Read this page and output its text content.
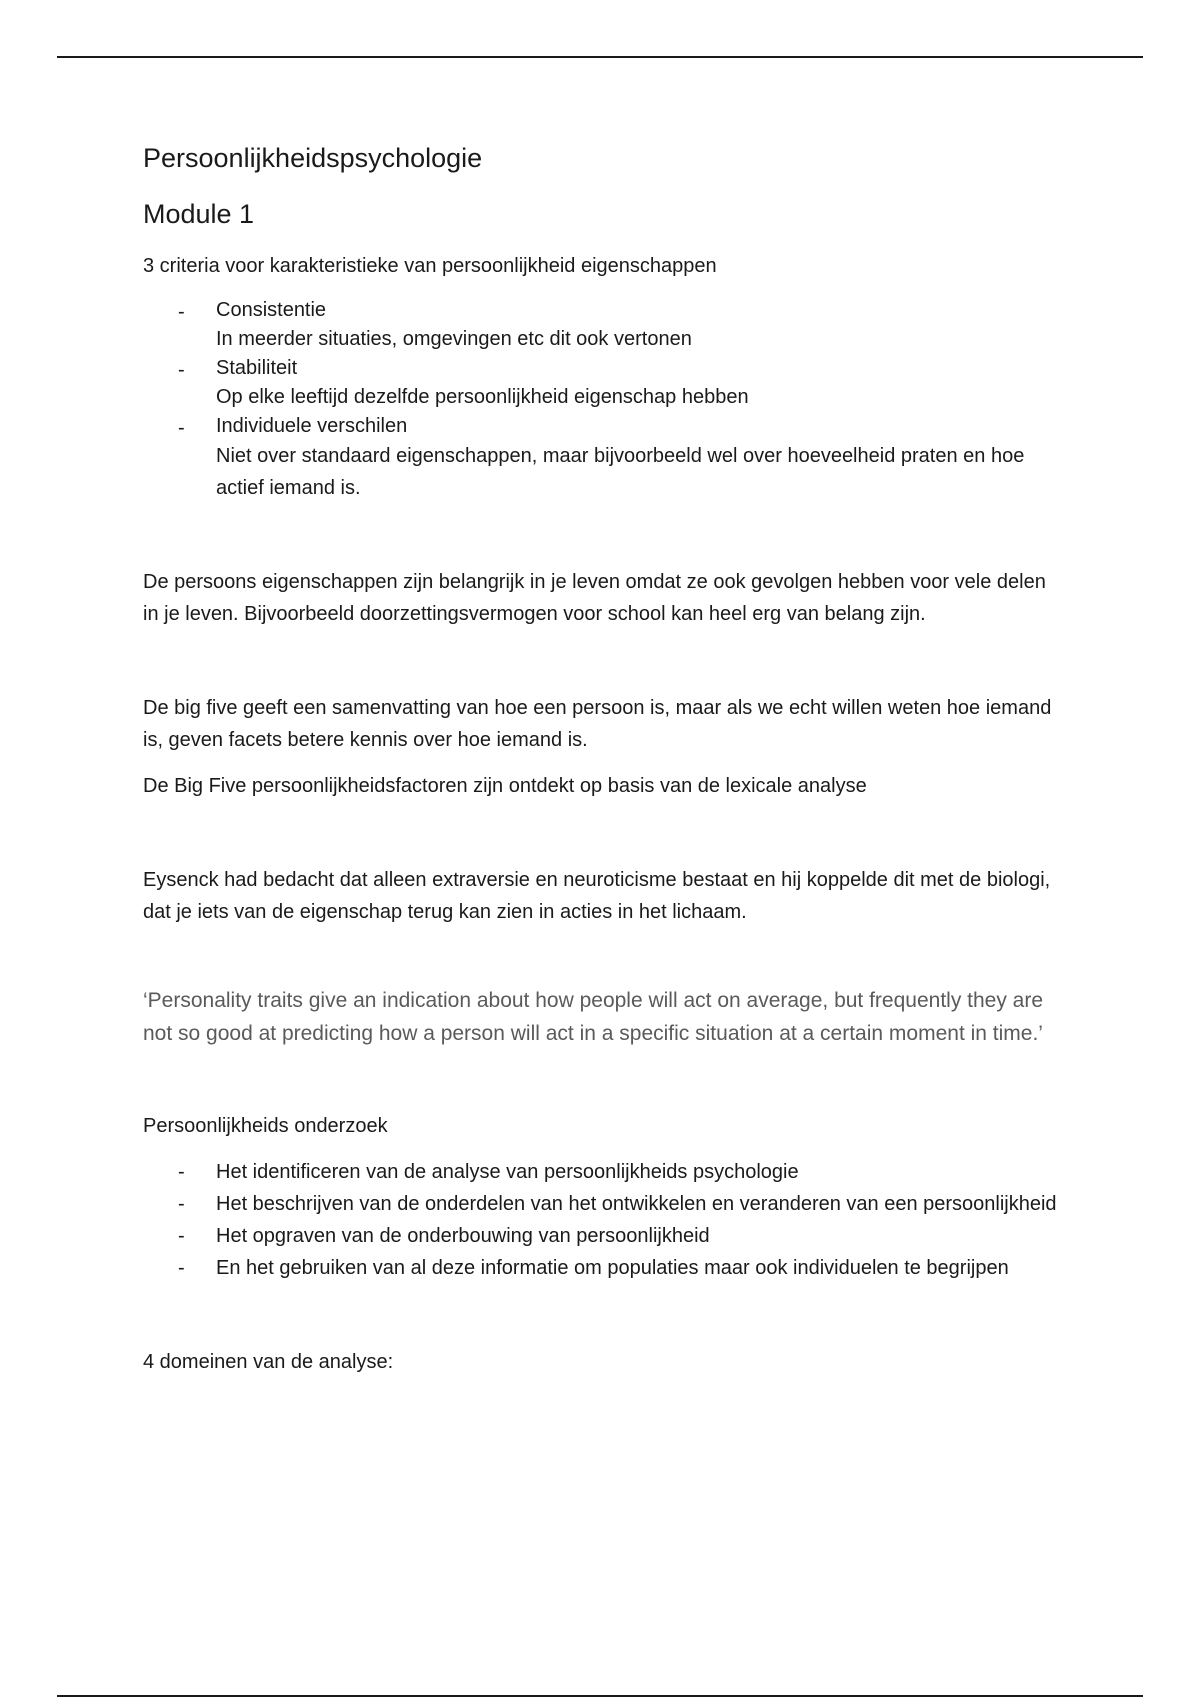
Persoonlijkheidspsychologie
Module 1

3 criteria voor karakteristieke van persoonlijkheid eigenschappen

- Consistentie
In meerder situaties, omgevingen etc dit ook vertonen
- Stabiliteit
Op elke leeftijd dezelfde persoonlijkheid eigenschap hebben
- Individuele verschilen
Niet over standaard eigenschappen, maar bijvoorbeeld wel over hoeveelheid praten en hoe actief iemand is.

De persoons eigenschappen zijn belangrijk in je leven omdat ze ook gevolgen hebben voor vele delen in je leven. Bijvoorbeeld doorzettingsvermogen voor school kan heel erg van belang zijn.

De big five geeft een samenvatting van hoe een persoon is, maar als we echt willen weten hoe iemand is, geven facets betere kennis over hoe iemand is.

De Big Five persoonlijkheidsfactoren zijn ontdekt op basis van de lexicale analyse

Eysenck had bedacht dat alleen extraversie en neuroticisme bestaat en hij koppelde dit met de biologi, dat je iets van de eigenschap terug kan zien in acties in het lichaam.

‘Personality traits give an indication about how people will act on average, but frequently they are not so good at predicting how a person will act in a specific situation at a certain moment in time.’

Persoonlijkheids onderzoek

- Het identificeren van de analyse van persoonlijkheids psychologie
- Het beschrijven van de onderdelen van het ontwikkelen en veranderen van een persoonlijkheid
- Het opgraven van de onderbouwing van persoonlijkheid
- En het gebruiken van al deze informatie om populaties maar ook individuelen te begrijpen

4 domeinen van de analyse:
